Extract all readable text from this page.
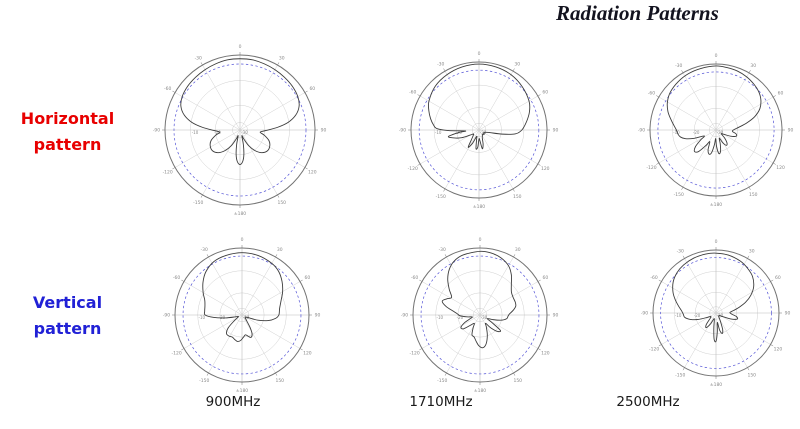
Radiation Patterns
Horizontal
pattern
Vertical
pattern
0
30
60
90
120
150
±180
-150
-120
-90
-60
-30
-10	-20	-30
0
30
60
90
120
150
±180
-150
-120
-90
-60
-30
-10	-20	-30
0
30
60
90
120
150
±180
-150
-120
-90
-60
-30
-10	-20	-30
0
30
60
90
120
150
±180
-150
-120
-90
-60
-30
-10	-20	-30
0
30
60
90
120
150
±180
-150
-120
-90
-60
-30
-10	-20	-30
0
30
60
90
120
150
±180
-150
-120
-90
-60
-30
-10	-20	-30
900MHz	1710MHz	2500MHz
